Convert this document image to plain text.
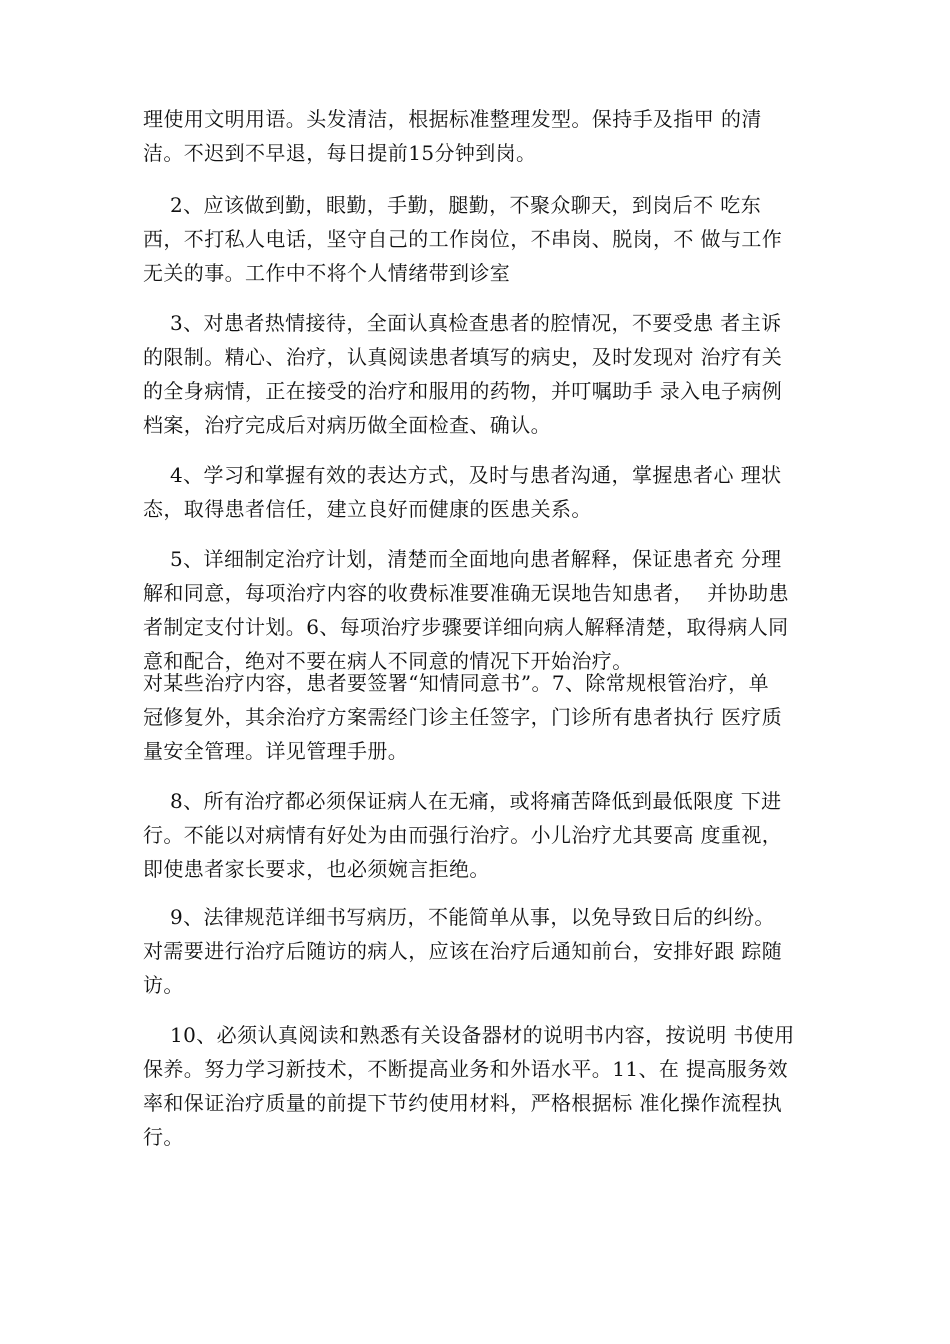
理使用文明用语。头发清洁，根据标准整理发型。保持手及指甲 的清
洁。不迟到不早退，每日提前15分钟到岗。
2、应该做到勤，眼勤，手勤，腿勤，不聚众聊天，到岗后不 吃东
西，不打私人电话，坚守自己的工作岗位，不串岗、脱岗，不 做与工作
无关的事。工作中不将个人情绪带到诊室
3、对患者热情接待，全面认真检查患者的腔情况，不要受患 者主诉
的限制。精心、治疗，认真阅读患者填写的病史，及时发现对 治疗有关
的全身病情，正在接受的治疗和服用的药物，并叮嘱助手 录入电子病例
档案，治疗完成后对病历做全面检查、确认。
4、学习和掌握有效的表达方式，及时与患者沟通，掌握患者心 理状
态，取得患者信任，建立良好而健康的医患关系。
5、详细制定治疗计划，清楚而全面地向患者解释，保证患者充 分理
解和同意，每项治疗内容的收费标准要准确无误地告知患者，  并协助患
者制定支付计划。6、每项治疗步骤要详细向病人解释清楚，取得病人同
意和配合，绝对不要在病人不同意的情况下开始治疗。
对某些治疗内容，患者要签署“知情同意书”。7、除常规根管治疗，单
冠修复外，其余治疗方案需经门诊主任签字，门诊所有患者执行 医疗质
量安全管理。详见管理手册。
8、所有治疗都必须保证病人在无痛，或将痛苦降低到最低限度 下进
行。不能以对病情有好处为由而强行治疗。小儿治疗尤其要高 度重视，
即使患者家长要求，也必须婉言拒绝。
9、法律规范详细书写病历，不能简单从事，以免导致日后的纠纷。
对需要进行治疗后随访的病人，应该在治疗后通知前台，安排好跟 踪随
访。
10、必须认真阅读和熟悉有关设备器材的说明书内容，按说明 书使用
保养。努力学习新技术，不断提高业务和外语水平。11、在 提高服务效
率和保证治疗质量的前提下节约使用材料，严格根据标 准化操作流程执
行。
